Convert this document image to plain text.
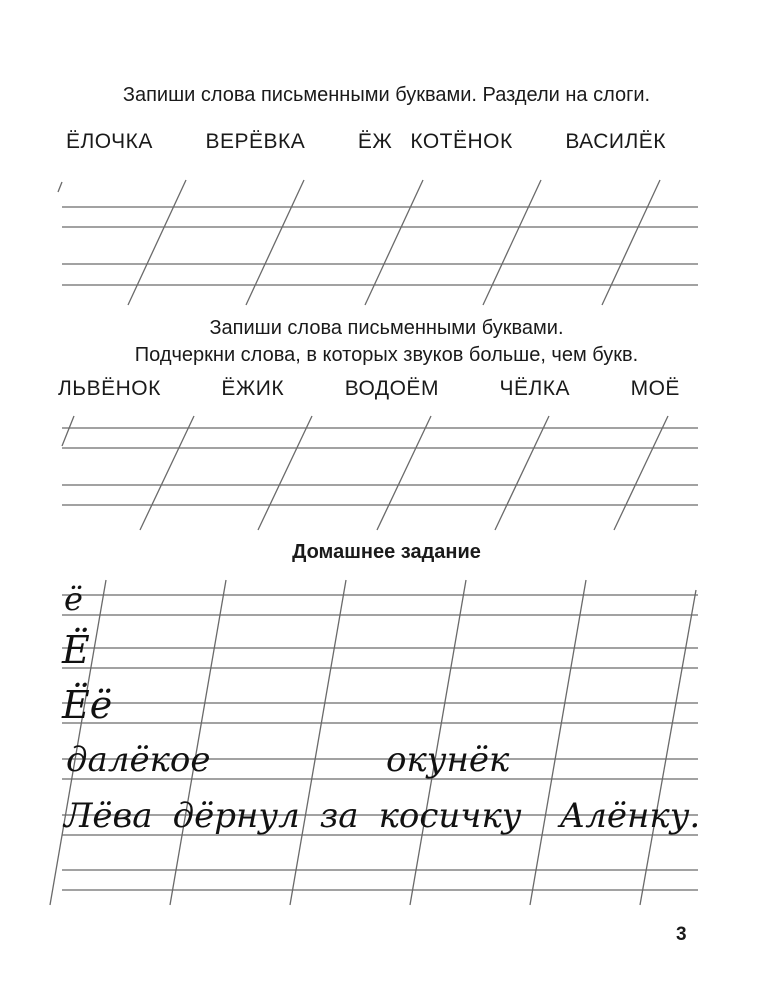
Запиши слова письменными буквами. Раздели на слоги.
ЁЛОЧКА	ВЕРЁВКА	ЁЖ КОТЁНОК	ВАСИЛЁК
Запиши слова письменными буквами.
Подчеркни слова, в которых звуков больше, чем букв.
ЛЬВЁНОК	ЁЖИК	ВОДОЁМ	ЧЁЛКА	МОЁ
Домашнее задание
ё
Ё
Ёё
далёкое	окунёк
Лёва дёрнул за косичку Алёнку.
3
